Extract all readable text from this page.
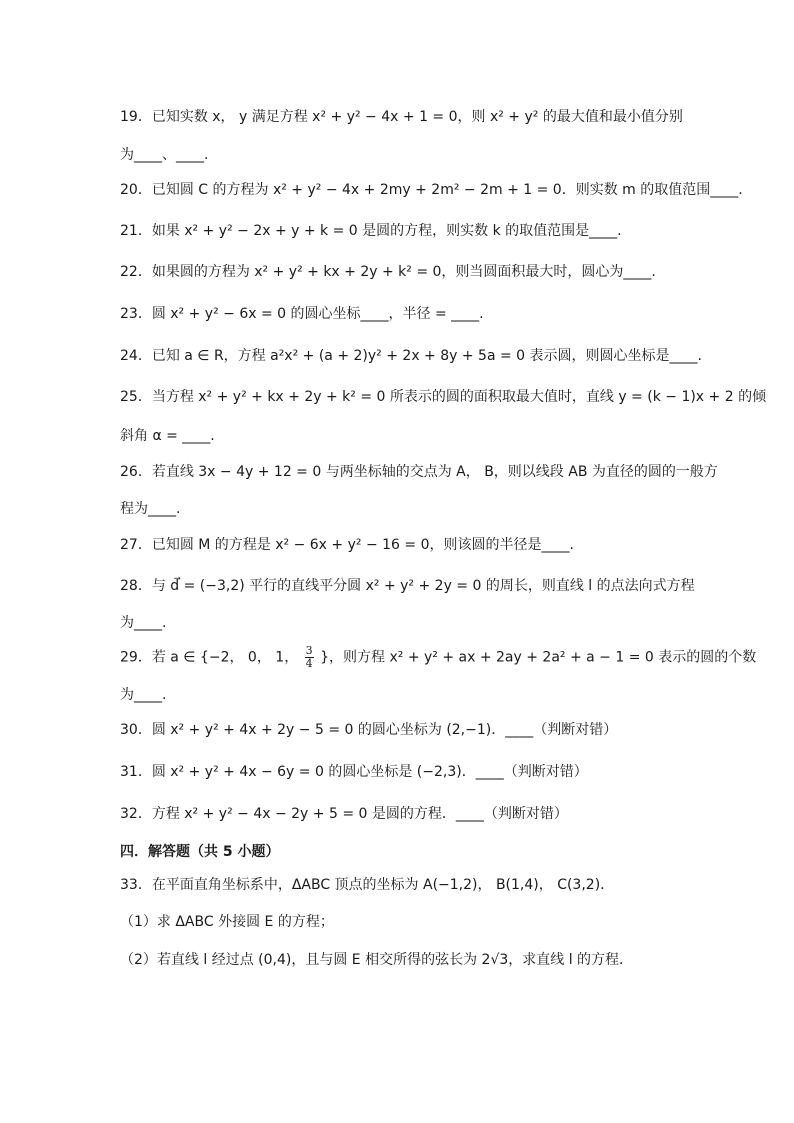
19．已知实数 x， y 满足方程 x² + y² − 4x + 1 = 0，则 x² + y² 的最大值和最小值分别
为____、____.
20．已知圆 C 的方程为 x² + y² − 4x + 2my + 2m² − 2m + 1 = 0．则实数 m 的取值范围____.
21．如果 x² + y² − 2x + y + k = 0 是圆的方程，则实数 k 的取值范围是____.
22．如果圆的方程为 x² + y² + kx + 2y + k² = 0，则当圆面积最大时，圆心为____.
23．圆 x² + y² − 6x = 0 的圆心坐标____，半径 = ____.
24．已知 a ∈ R，方程 a²x² + (a + 2)y² + 2x + 8y + 5a = 0 表示圆，则圆心坐标是____.
25．当方程 x² + y² + kx + 2y + k² = 0 所表示的圆的面积取最大值时，直线 y = (k − 1)x + 2 的倾
斜角 α = ____.
26．若直线 3x − 4y + 12 = 0 与两坐标轴的交点为 A， B，则以线段 AB 为直径的圆的一般方
程为____.
27．已知圆 M 的方程是 x² − 6x + y² − 16 = 0，则该圆的半径是____.
28．与 d⃗ = (−3,2) 平行的直线平分圆 x² + y² + 2y = 0 的周长，则直线 l 的点法向式方程
为____.
29．若 a ∈ {−2， 0， 1， $\frac{3}{4}$ }，则方程 x² + y² + ax + 2ay + 2a² + a − 1 = 0 表示的圆的个数
为____.
30．圆 x² + y² + 4x + 2y − 5 = 0 的圆心坐标为 (2,−1)．____（判断对错）
31．圆 x² + y² + 4x − 6y = 0 的圆心坐标是 (−2,3)．____（判断对错）
32．方程 x² + y² − 4x − 2y + 5 = 0 是圆的方程．____（判断对错）
四．解答题（共 5 小题）
33．在平面直角坐标系中，ΔABC 顶点的坐标为 A(−1,2)， B(1,4)， C(3,2)．
（1）求 ΔABC 外接圆 E 的方程；
（2）若直线 l 经过点 (0,4)，且与圆 E 相交所得的弦长为 2√3，求直线 l 的方程．
